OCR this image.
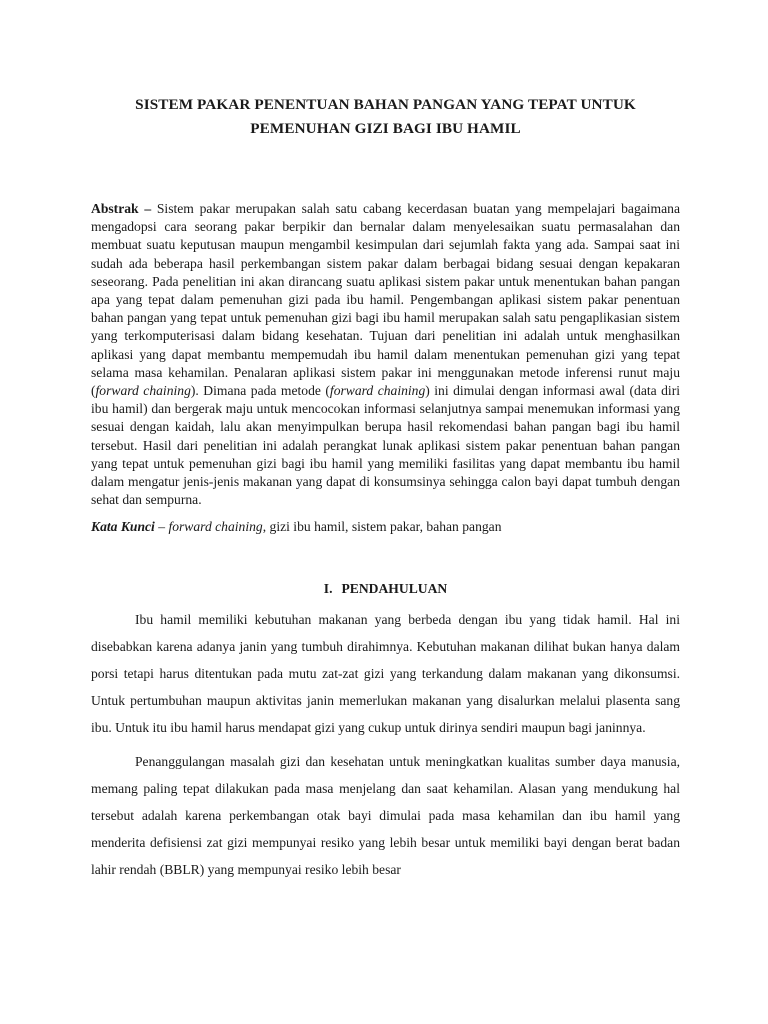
SISTEM PAKAR PENENTUAN BAHAN PANGAN YANG TEPAT UNTUK
PEMENUHAN GIZI BAGI IBU HAMIL

Abstrak – Sistem pakar merupakan salah satu cabang kecerdasan buatan yang mempelajari bagaimana mengadopsi cara seorang pakar berpikir dan bernalar dalam menyelesaikan suatu permasalahan dan membuat suatu keputusan maupun mengambil kesimpulan dari sejumlah fakta yang ada. Sampai saat ini sudah ada beberapa hasil perkembangan sistem pakar dalam berbagai bidang sesuai dengan kepakaran seseorang. Pada penelitian ini akan dirancang suatu aplikasi sistem pakar untuk menentukan bahan pangan apa yang tepat dalam pemenuhan gizi pada ibu hamil. Pengembangan aplikasi sistem pakar penentuan bahan pangan yang tepat untuk pemenuhan gizi bagi ibu hamil merupakan salah satu pengaplikasian sistem yang terkomputerisasi dalam bidang kesehatan. Tujuan dari penelitian ini adalah untuk menghasilkan aplikasi yang dapat membantu mempemudah ibu hamil dalam menentukan pemenuhan gizi yang tepat selama masa kehamilan. Penalaran aplikasi sistem pakar ini menggunakan metode inferensi runut maju (forward chaining). Dimana pada metode (forward chaining) ini dimulai dengan informasi awal (data diri ibu hamil) dan bergerak maju untuk mencocokan informasi selanjutnya sampai menemukan informasi yang sesuai dengan kaidah, lalu akan menyimpulkan berupa hasil rekomendasi bahan pangan bagi ibu hamil tersebut. Hasil dari penelitian ini adalah perangkat lunak aplikasi sistem pakar penentuan bahan pangan yang tepat untuk pemenuhan gizi bagi ibu hamil yang memiliki fasilitas yang dapat membantu ibu hamil dalam mengatur jenis-jenis makanan yang dapat di konsumsinya sehingga calon bayi dapat tumbuh dengan sehat dan sempurna.

Kata Kunci – forward chaining, gizi ibu hamil, sistem pakar, bahan pangan

I. PENDAHULUAN

Ibu hamil memiliki kebutuhan makanan yang berbeda dengan ibu yang tidak hamil. Hal ini disebabkan karena adanya janin yang tumbuh dirahimnya. Kebutuhan makanan dilihat bukan hanya dalam porsi tetapi harus ditentukan pada mutu zat-zat gizi yang terkandung dalam makanan yang dikonsumsi. Untuk pertumbuhan maupun aktivitas janin memerlukan makanan yang disalurkan melalui plasenta sang ibu. Untuk itu ibu hamil harus mendapat gizi yang cukup untuk dirinya sendiri maupun bagi janinnya.

Penanggulangan masalah gizi dan kesehatan untuk meningkatkan kualitas sumber daya manusia, memang paling tepat dilakukan pada masa menjelang dan saat kehamilan. Alasan yang mendukung hal tersebut adalah karena perkembangan otak bayi dimulai pada masa kehamilan dan ibu hamil yang menderita defisiensi zat gizi mempunyai resiko yang lebih besar untuk memiliki bayi dengan berat badan lahir rendah (BBLR) yang mempunyai resiko lebih besar
